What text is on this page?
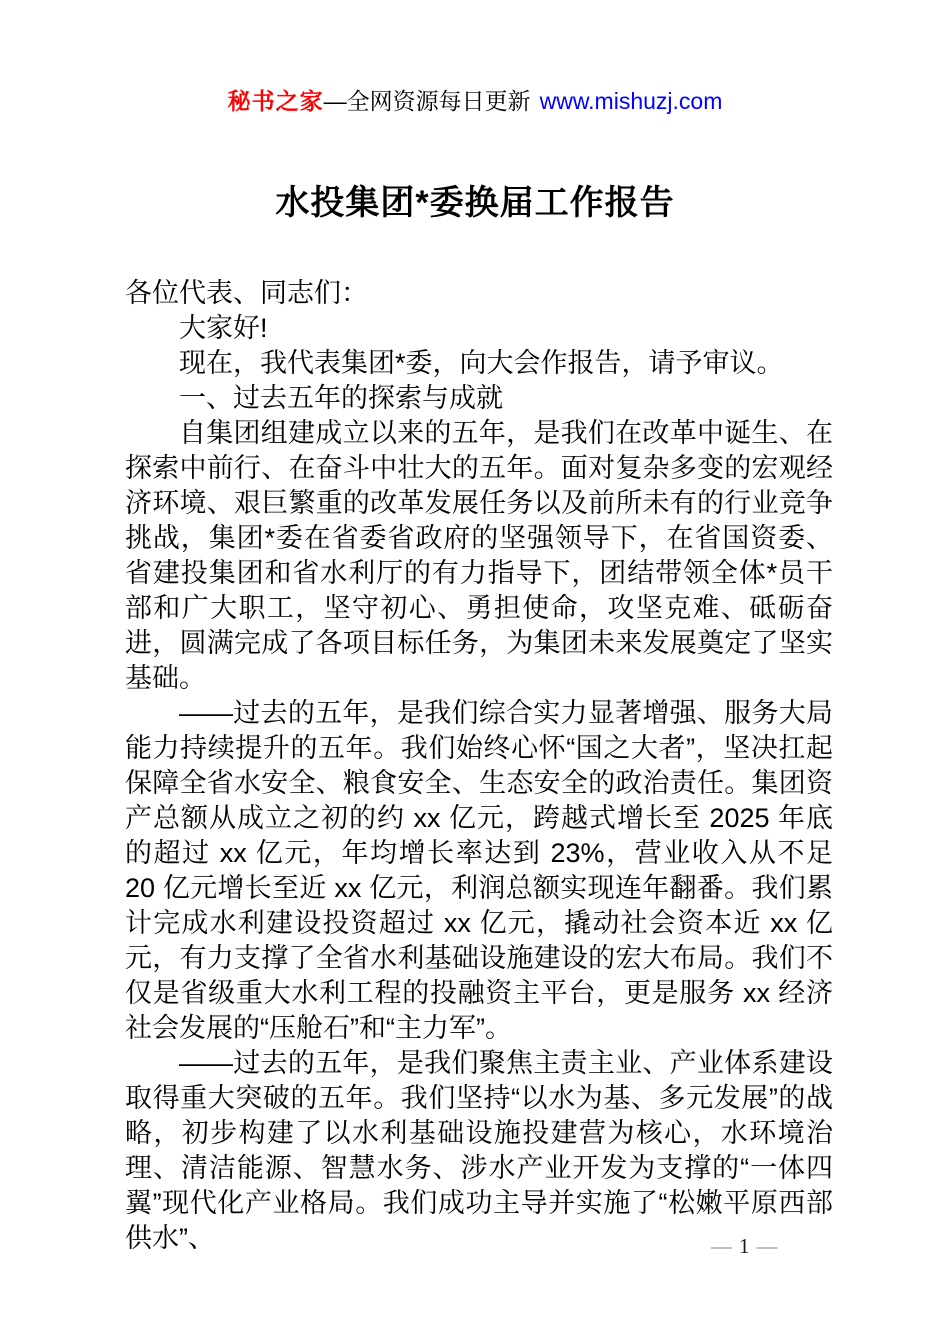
秘书之家—全网资源每日更新 www.mishuzj.com
水投集团*委换届工作报告

各位代表、同志们：

大家好!

现在，我代表集团*委，向大会作报告，请予审议。

一、过去五年的探索与成就

自集团组建成立以来的五年，是我们在改革中诞生、在探索中前行、在奋斗中壮大的五年。面对复杂多变的宏观经济环境、艰巨繁重的改革发展任务以及前所未有的行业竞争挑战，集团*委在省委省政府的坚强领导下，在省国资委、省建投集团和省水利厅的有力指导下，团结带领全体*员干部和广大职工，坚守初心、勇担使命，攻坚克难、砥砺奋进，圆满完成了各项目标任务，为集团未来发展奠定了坚实基础。

——过去的五年，是我们综合实力显著增强、服务大局能力持续提升的五年。我们始终心怀“国之大者”，坚决扛起保障全省水安全、粮食安全、生态安全的政治责任。集团资产总额从成立之初的约 xx 亿元，跨越式增长至 2025 年底的超过 xx 亿元，年均增长率达到 23%，营业收入从不足 20 亿元增长至近 xx 亿元，利润总额实现连年翻番。我们累计完成水利建设投资超过 xx 亿元，撬动社会资本近 xx 亿元，有力支撑了全省水利基础设施建设的宏大布局。我们不仅是省级重大水利工程的投融资主平台，更是服务 xx 经济社会发展的“压舱石”和“主力军”。

——过去的五年，是我们聚焦主责主业、产业体系建设取得重大突破的五年。我们坚持“以水为基、多元发展”的战略，初步构建了以水利基础设施投建营为核心，水环境治理、清洁能源、智慧水务、涉水产业开发为支撑的“一体四翼”现代化产业格局。我们成功主导并实施了“松嫩平原西部供水”、	— 1 —
